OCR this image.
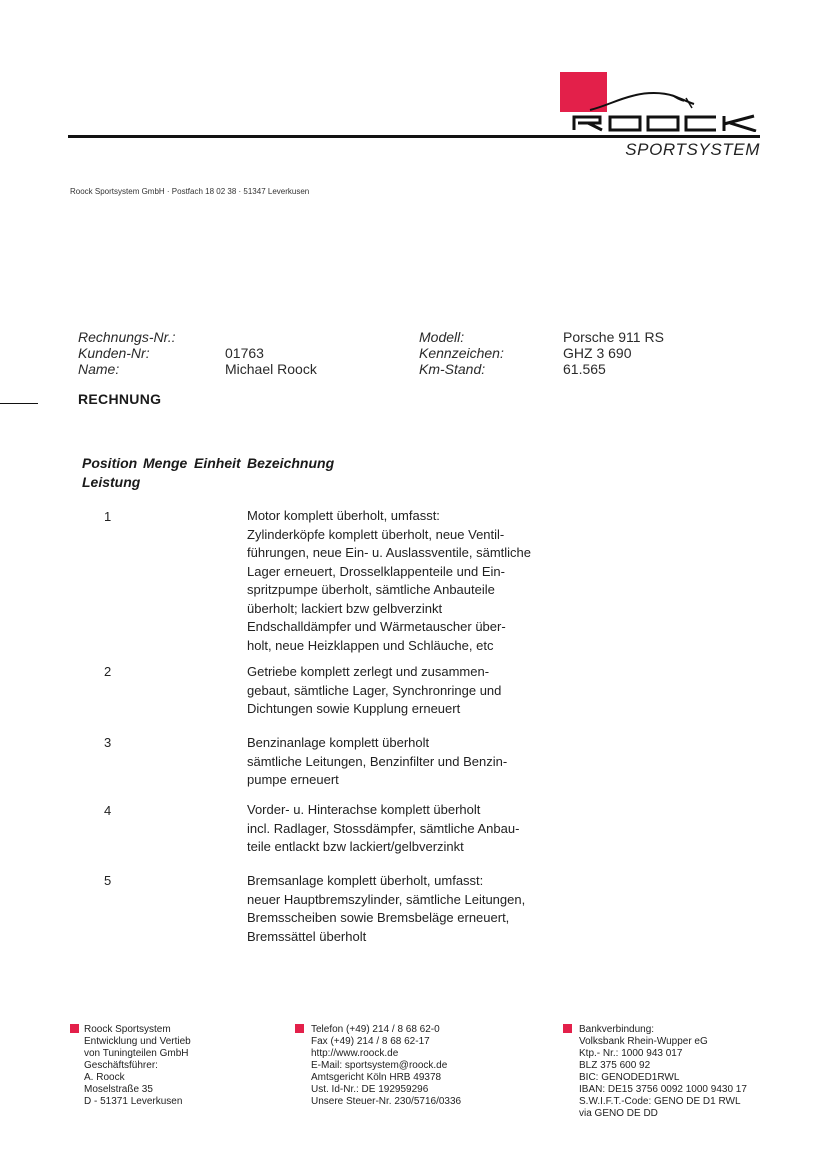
SPORTSYSTEM
Roock Sportsystem GmbH · Postfach 18 02 38 · 51347 Leverkusen
Rechnungs-Nr.:
Kunden-Nr:	01763
Name:	Michael Roock
Modell:	Porsche 911 RS
Kennzeichen:	GHZ 3 690
Km-Stand:	61.565
RECHNUNG
Position Menge Einheit Bezeichnung
Leistung
1	Motor komplett überholt, umfasst:
Zylinderköpfe komplett überholt, neue Ventil-
führungen, neue Ein- u. Auslassventile, sämtliche
Lager erneuert, Drosselklappenteile und Ein-
spritzpumpe überholt, sämtliche Anbauteile
überholt; lackiert bzw gelbverzinkt
Endschalldämpfer und Wärmetauscher über-
holt, neue Heizklappen und Schläuche, etc
2	Getriebe komplett zerlegt und zusammen-
gebaut, sämtliche Lager, Synchronringe und
Dichtungen sowie Kupplung erneuert
3	Benzinanlage komplett überholt
sämtliche Leitungen, Benzinfilter und Benzin-
pumpe erneuert
4	Vorder- u. Hinterachse komplett überholt
incl. Radlager, Stossdämpfer, sämtliche Anbau-
teile entlackt bzw lackiert/gelbverzinkt
5	Bremsanlage komplett überholt, umfasst:
neuer Hauptbremszylinder, sämtliche Leitungen,
Bremsscheiben sowie Bremsbeläge erneuert,
Bremssättel überholt
Roock Sportsystem
Entwicklung und Vertieb
von Tuningteilen GmbH
Geschäftsführer:
A. Roock
Moselstraße 35
D - 51371 Leverkusen
Telefon (+49) 214 / 8 68 62-0
Fax (+49) 214 / 8 68 62-17
http://www.roock.de
E-Mail: sportsystem@roock.de
Amtsgericht Köln HRB 49378
Ust. Id-Nr.: DE 192959296
Unsere Steuer-Nr. 230/5716/0336
Bankverbindung:
Volksbank Rhein-Wupper eG
Ktp.- Nr.: 1000 943 017
BLZ 375 600 92
BIC: GENODED1RWL
IBAN: DE15 3756 0092 1000 9430 17
S.W.I.F.T.-Code: GENO DE D1 RWL
via GENO DE DD
